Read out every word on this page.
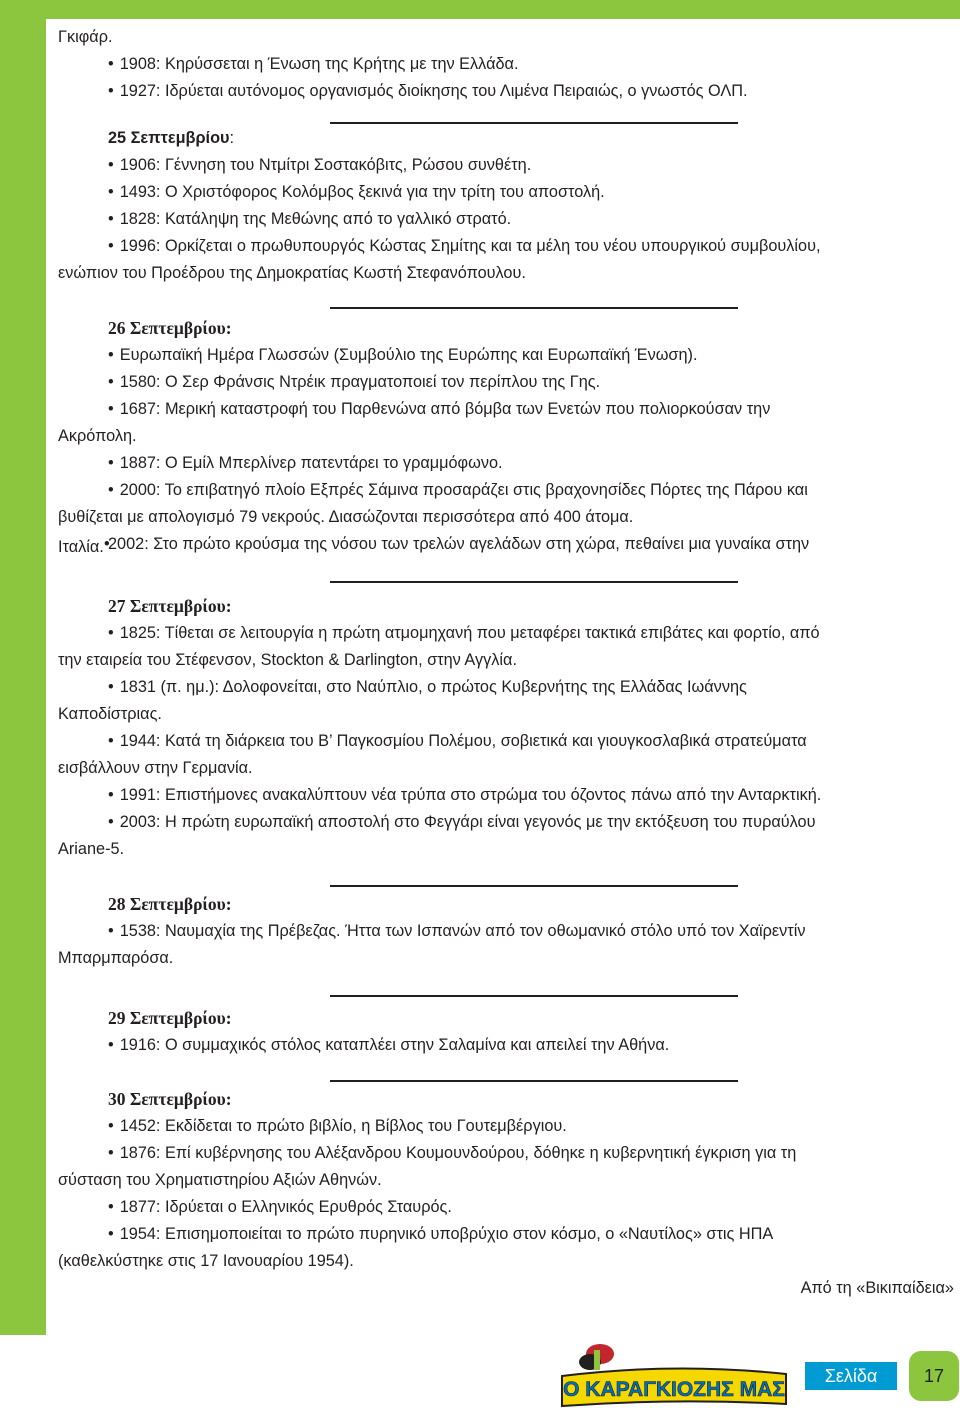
Γκιφάρ.

• 1908: Κηρύσσεται η Ένωση της Κρήτης με την Ελλάδα.

• 1927: Ιδρύεται αυτόνομος οργανισμός διοίκησης του Λιμένα Πειραιώς, ο γνωστός ΟΛΠ.

25 Σεπτεμβρίου:

• 1906: Γέννηση του Ντμίτρι Σοστακόβιτς, Ρώσου συνθέτη.

• 1493: Ο Χριστόφορος Κολόμβος ξεκινά για την τρίτη του αποστολή.

• 1828: Κατάληψη της Μεθώνης από το γαλλικό στρατό.

• 1996: Ορκίζεται ο πρωθυπουργός Κώστας Σημίτης και τα μέλη του νέου υπουργικού συμβουλίου,

ενώπιον του Προέδρου της Δημοκρατίας Κωστή Στεφανόπουλου.

26 Σεπτεμβρίου:

• Ευρωπαϊκή Ημέρα Γλωσσών (Συμβούλιο της Ευρώπης και Ευρωπαϊκή Ένωση).

• 1580: Ο Σερ Φράνσις Ντρέικ πραγματοποιεί τον περίπλου της Γης.

• 1687: Μερική καταστροφή του Παρθενώνα από βόμβα των Ενετών που πολιορκούσαν την

Ακρόπολη.

• 1887: Ο Εμίλ Μπερλίνερ πατεντάρει το γραμμόφωνο.

• 2000: Το επιβατηγό πλοίο Εξπρές Σάμινα προσαράζει στις βραχονησίδες Πόρτες της Πάρου και

βυθίζεται με απολογισμό 79 νεκρούς. Διασώζονται περισσότερα από 400 άτομα.

Ιταλία. 2002: Στο πρώτο κρούσμα της νόσου των τρελών αγελάδων στη χώρα, πεθαίνει μια γυναίκα στην
•

27 Σεπτεμβρίου:

• 1825: Τίθεται σε λειτουργία η πρώτη ατμομηχανή που μεταφέρει τακτικά επιβάτες και φορτίο, από

την εταιρεία του Στέφενσον, Stockton & Darlington, στην Αγγλία.

• 1831 (π. ημ.): Δολοφονείται, στο Ναύπλιο, ο πρώτος Κυβερνήτης της Ελλάδας Ιωάννης

Καποδίστριας.

• 1944: Κατά τη διάρκεια του Β’ Παγκοσμίου Πολέμου, σοβιετικά και γιουγκοσλαβικά στρατεύματα

εισβάλλουν στην Γερμανία.

• 1991: Επιστήμονες ανακαλύπτουν νέα τρύπα στο στρώμα του όζοντος πάνω από την Ανταρκτική.

• 2003: Η πρώτη ευρωπαϊκή αποστολή στο Φεγγάρι είναι γεγονός με την εκτόξευση του πυραύλου

Ariane-5.

28 Σεπτεμβρίου:

• 1538: Ναυμαχία της Πρέβεζας. Ήττα των Ισπανών από τον οθωμανικό στόλο υπό τον Χαϊρεντίν

Μπαρμπαρόσα.

29 Σεπτεμβρίου:

• 1916: Ο συμμαχικός στόλος καταπλέει στην Σαλαμίνα και απειλεί την Αθήνα.

30 Σεπτεμβρίου:

• 1452: Εκδίδεται το πρώτο βιβλίο, η Βίβλος του Γουτεμβέργιου.

• 1876: Επί κυβέρνησης του Αλέξανδρου Κουμουνδούρου, δόθηκε η κυβερνητική έγκριση για τη

σύσταση του Χρηματιστηρίου Αξιών Αθηνών.

• 1877: Ιδρύεται ο Ελληνικός Ερυθρός Σταυρός.

• 1954: Επισημοποιείται το πρώτο πυρηνικό υποβρύχιο στον κόσμο, ο «Ναυτίλος» στις ΗΠΑ

(καθελκύστηκε στις 17 Ιανουαρίου 1954).

Από τη «Βικιπαίδεια»

Ο ΚΑΡΑΓΚΙΟΖΗΣ ΜΑΣ
Σελίδα	17
